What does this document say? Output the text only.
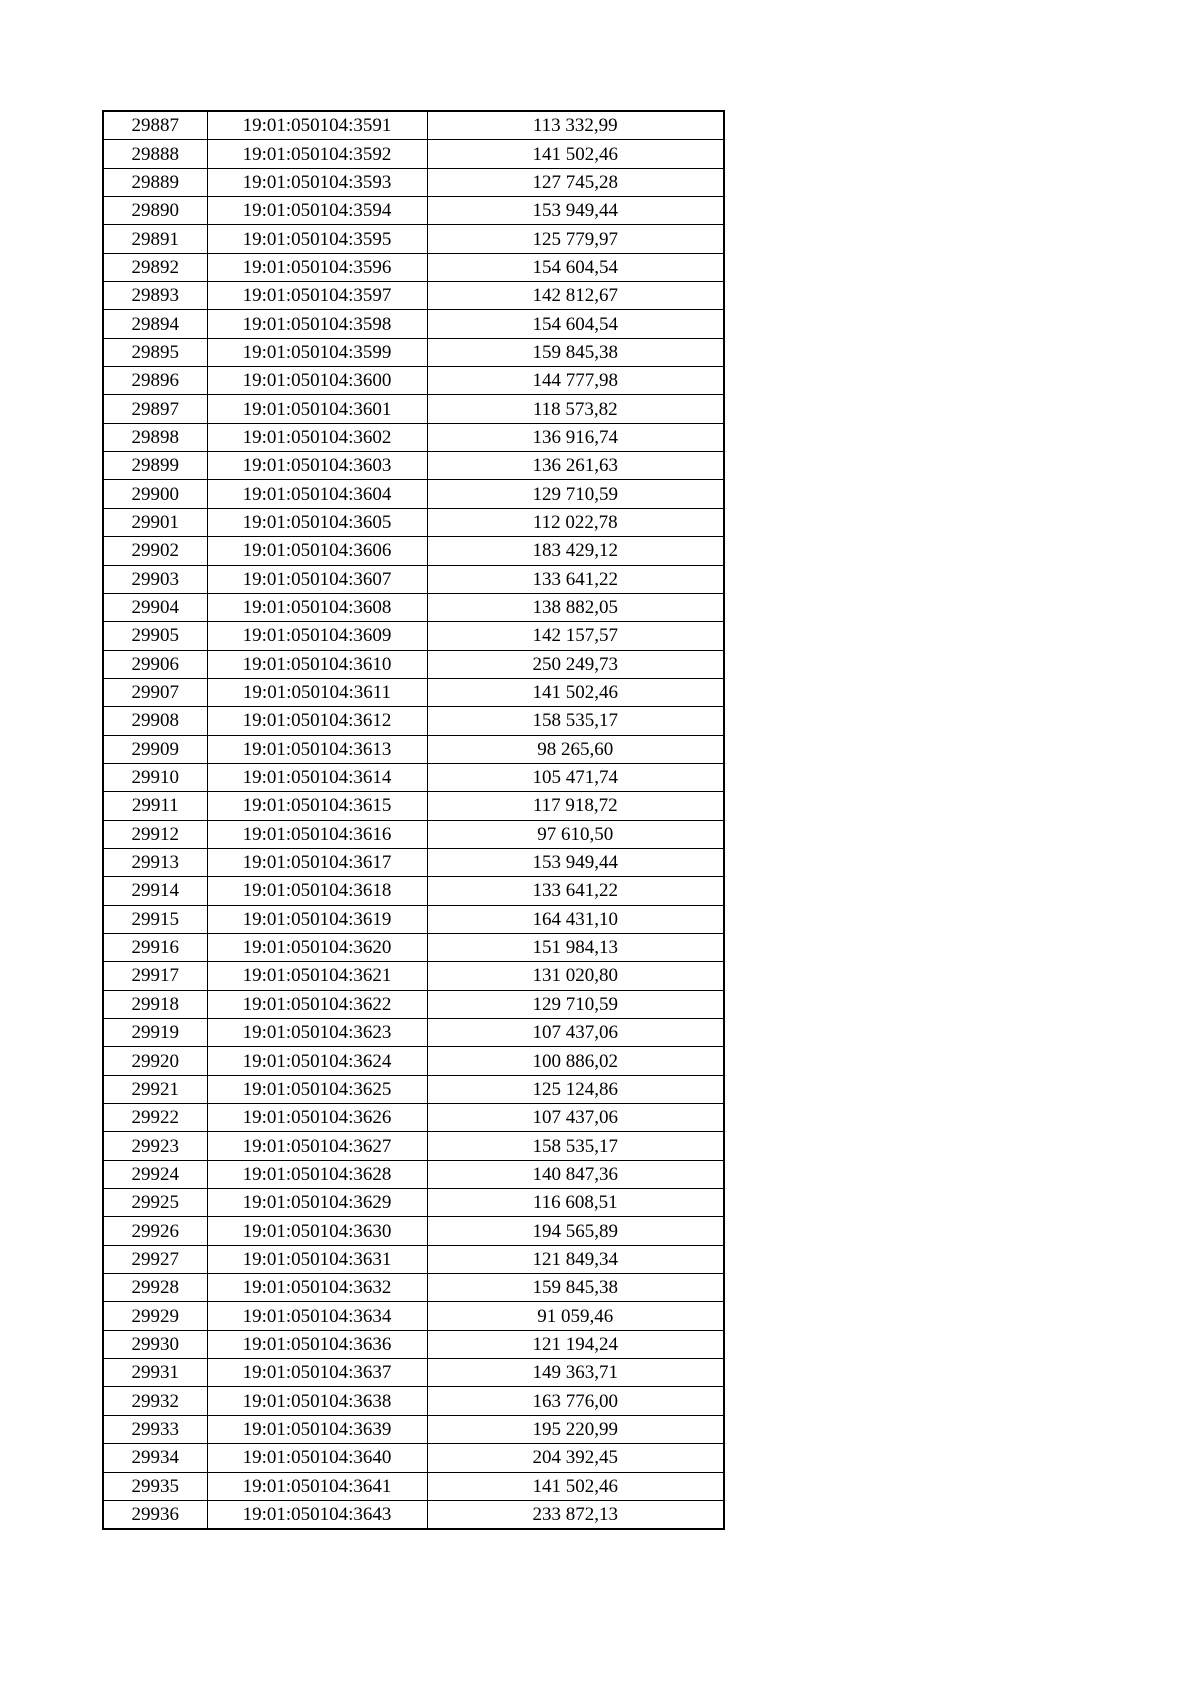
29887	19:01:050104:3591	113 332,99
29888	19:01:050104:3592	141 502,46
29889	19:01:050104:3593	127 745,28
29890	19:01:050104:3594	153 949,44
29891	19:01:050104:3595	125 779,97
29892	19:01:050104:3596	154 604,54
29893	19:01:050104:3597	142 812,67
29894	19:01:050104:3598	154 604,54
29895	19:01:050104:3599	159 845,38
29896	19:01:050104:3600	144 777,98
29897	19:01:050104:3601	118 573,82
29898	19:01:050104:3602	136 916,74
29899	19:01:050104:3603	136 261,63
29900	19:01:050104:3604	129 710,59
29901	19:01:050104:3605	112 022,78
29902	19:01:050104:3606	183 429,12
29903	19:01:050104:3607	133 641,22
29904	19:01:050104:3608	138 882,05
29905	19:01:050104:3609	142 157,57
29906	19:01:050104:3610	250 249,73
29907	19:01:050104:3611	141 502,46
29908	19:01:050104:3612	158 535,17
29909	19:01:050104:3613	98 265,60
29910	19:01:050104:3614	105 471,74
29911	19:01:050104:3615	117 918,72
29912	19:01:050104:3616	97 610,50
29913	19:01:050104:3617	153 949,44
29914	19:01:050104:3618	133 641,22
29915	19:01:050104:3619	164 431,10
29916	19:01:050104:3620	151 984,13
29917	19:01:050104:3621	131 020,80
29918	19:01:050104:3622	129 710,59
29919	19:01:050104:3623	107 437,06
29920	19:01:050104:3624	100 886,02
29921	19:01:050104:3625	125 124,86
29922	19:01:050104:3626	107 437,06
29923	19:01:050104:3627	158 535,17
29924	19:01:050104:3628	140 847,36
29925	19:01:050104:3629	116 608,51
29926	19:01:050104:3630	194 565,89
29927	19:01:050104:3631	121 849,34
29928	19:01:050104:3632	159 845,38
29929	19:01:050104:3634	91 059,46
29930	19:01:050104:3636	121 194,24
29931	19:01:050104:3637	149 363,71
29932	19:01:050104:3638	163 776,00
29933	19:01:050104:3639	195 220,99
29934	19:01:050104:3640	204 392,45
29935	19:01:050104:3641	141 502,46
29936	19:01:050104:3643	233 872,13
